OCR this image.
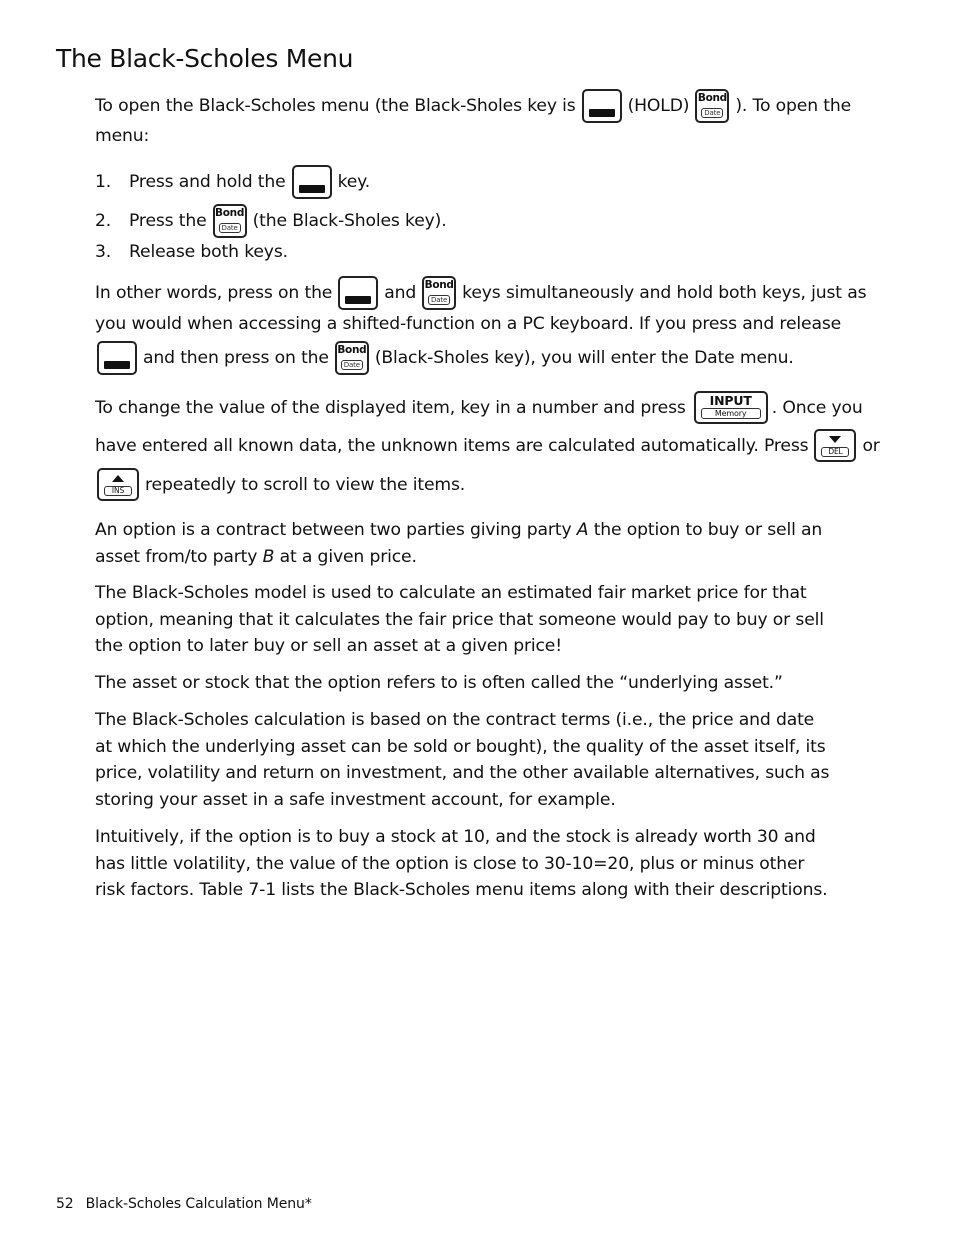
The Black-Scholes Menu
To open the Black-Scholes menu (the Black-Sholes key is	(HOLD) Bond
Date ). To open the
menu:
1.	Press and hold the	key.
2.	Press the Bond
Date (the Black-Sholes key).
3.	Release both keys.
In other words, press on the	and Bond
Date keys simultaneously and hold both keys, just as
you would when accessing a shifted-function on a PC keyboard. If you press and release
and then press on the Bond
Date (Black-Sholes key), you will enter the Date menu.
To change the value of the displayed item, key in a number and press	INPUT
Memory	. Once you
have entered all known data, the unknown items are calculated automatically. Press	DEL	or
INS	repeatedly to scroll to view the items.
An option is a contract between two parties giving party A the option to buy or sell an asset from/to party B at a given price.
The Black-Scholes model is used to calculate an estimated fair market price for that option, meaning that it calculates the fair price that someone would pay to buy or sell the option to later buy or sell an asset at a given price!
The asset or stock that the option refers to is often called the “underlying asset.”
The Black-Scholes calculation is based on the contract terms (i.e., the price and date at which the underlying asset can be sold or bought), the quality of the asset itself, its price, volatility and return on investment, and the other available alternatives, such as storing your asset in a safe investment account, for example.
Intuitively, if the option is to buy a stock at 10, and the stock is already worth 30 and has little volatility, the value of the option is close to 30-10=20, plus or minus other risk factors. Table 7-1 lists the Black-Scholes menu items along with their descriptions.
52 Black-Scholes Calculation Menu*
